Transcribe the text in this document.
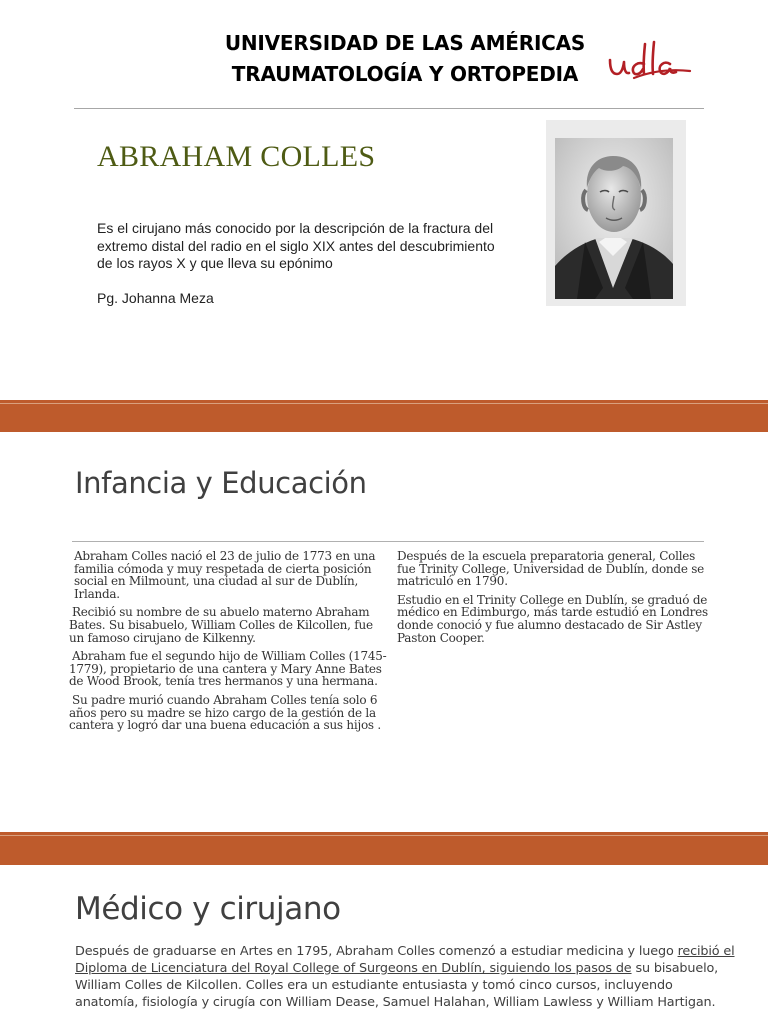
UNIVERSIDAD DE LAS AMÉRICAS
TRAUMATOLOGÍA Y ORTOPEDIA
ABRAHAM COLLES
Es el cirujano más conocido por la descripción de la fractura del extremo distal del radio en el siglo XIX antes del descubrimiento de los rayos X y que lleva su epónimo
Pg. Johanna Meza
Infancia y Educación

Abraham Colles nació el 23 de julio de 1773 en una familia cómoda y muy respetada de cierta posición social en Milmount, una ciudad al sur de Dublín, Irlanda.

Recibió su nombre de su abuelo materno Abraham Bates. Su bisabuelo, William Colles de Kilcollen, fue un famoso cirujano de Kilkenny.

Abraham fue el segundo hijo de William Colles (1745-1779), propietario de una cantera y Mary Anne Bates de Wood Brook, tenía tres hermanos y una hermana.

Su padre murió cuando Abraham Colles tenía solo 6 años pero su madre se hizo cargo de la gestión de la cantera y logró dar una buena educación a sus hijos .

Después de la escuela preparatoria general, Colles fue Trinity College, Universidad de Dublín, donde se matriculó en 1790.

Estudio en el Trinity College en Dublín, se graduó de médico en Edimburgo, más tarde estudió en Londres donde conoció y fue alumno destacado de Sir Astley Paston Cooper.

Médico y cirujano
Después de graduarse en Artes en 1795, Abraham Colles comenzó a estudiar medicina y luego recibió el Diploma de Licenciatura del Royal College of Surgeons en Dublín, siguiendo los pasos de su bisabuelo, William Colles de Kilcollen. Colles era un estudiante entusiasta y tomó cinco cursos, incluyendo anatomía, fisiología y cirugía con William Dease, Samuel Halahan, William Lawless y William Hartigan.
